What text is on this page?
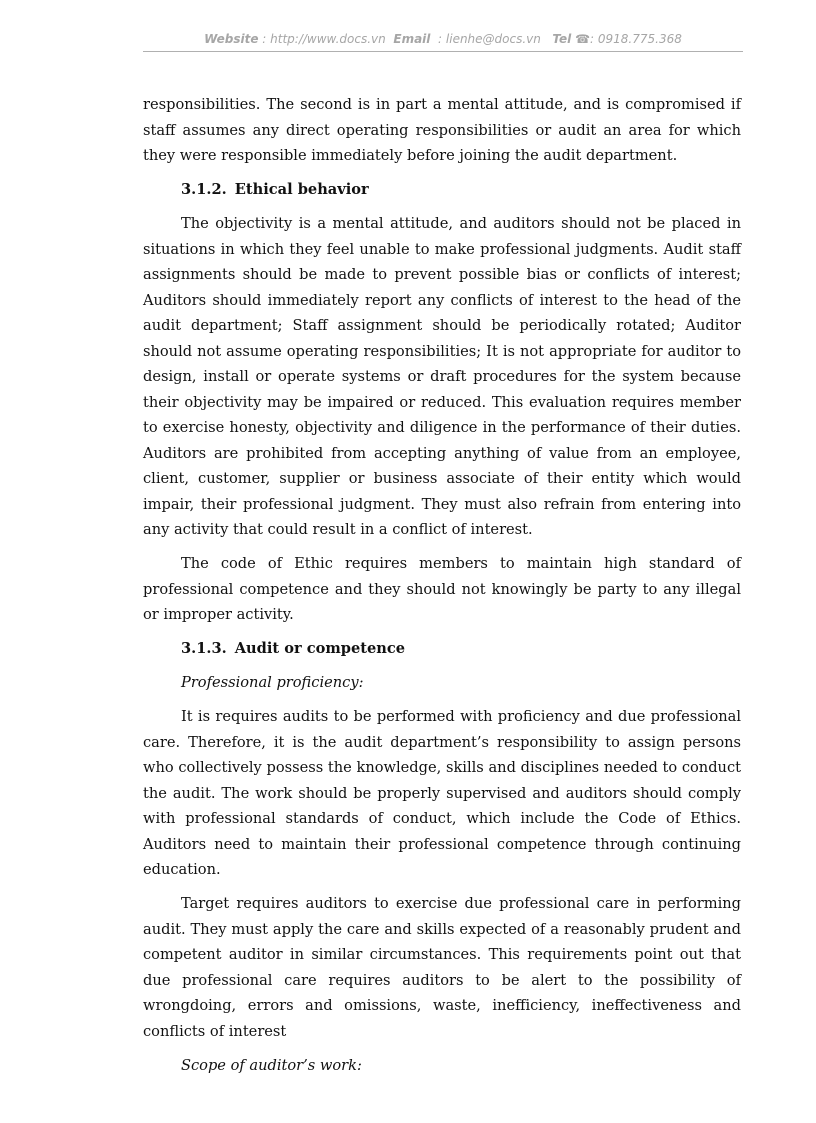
Website : http://www.docs.vn Email : lienhe@docs.vn Tel ☎: 0918.775.368

responsibilities. The second is in part a mental attitude, and is compromised if staff assumes any direct operating responsibilities or audit an area for which they were responsible immediately before joining the audit department.

3.1.2. Ethical behavior

The objectivity is a mental attitude, and auditors should not be placed in situations in which they feel unable to make professional judgments. Audit staff assignments should be made to prevent possible bias or conflicts of interest; Auditors should immediately report any conflicts of interest to the head of the audit department; Staff assignment should be periodically rotated; Auditor should not assume operating responsibilities; It is not appropriate for auditor to design, install or operate systems or draft procedures for the system because their objectivity may be impaired or reduced. This evaluation requires member to exercise honesty, objectivity and diligence in the performance of their duties. Auditors are prohibited from accepting anything of value from an employee, client, customer, supplier or business associate of their entity which would impair, their professional judgment. They must also refrain from entering into any activity that could result in a conflict of interest.

The code of Ethic requires members to maintain high standard of professional competence and they should not knowingly be party to any illegal or improper activity.

3.1.3. Audit or competence

Professional proficiency:

It is requires audits to be performed with proficiency and due professional care. Therefore, it is the audit department’s responsibility to assign persons who collectively possess the knowledge, skills and disciplines needed to conduct the audit. The work should be properly supervised and auditors should comply with professional standards of conduct, which include the Code of Ethics. Auditors need to maintain their professional competence through continuing education.

Target requires auditors to exercise due professional care in performing audit. They must apply the care and skills expected of a reasonably prudent and competent auditor in similar circumstances. This requirements point out that due professional care requires auditors to be alert to the possibility of wrongdoing, errors and omissions, waste, inefficiency, ineffectiveness and conflicts of interest

Scope of auditor’s work:
